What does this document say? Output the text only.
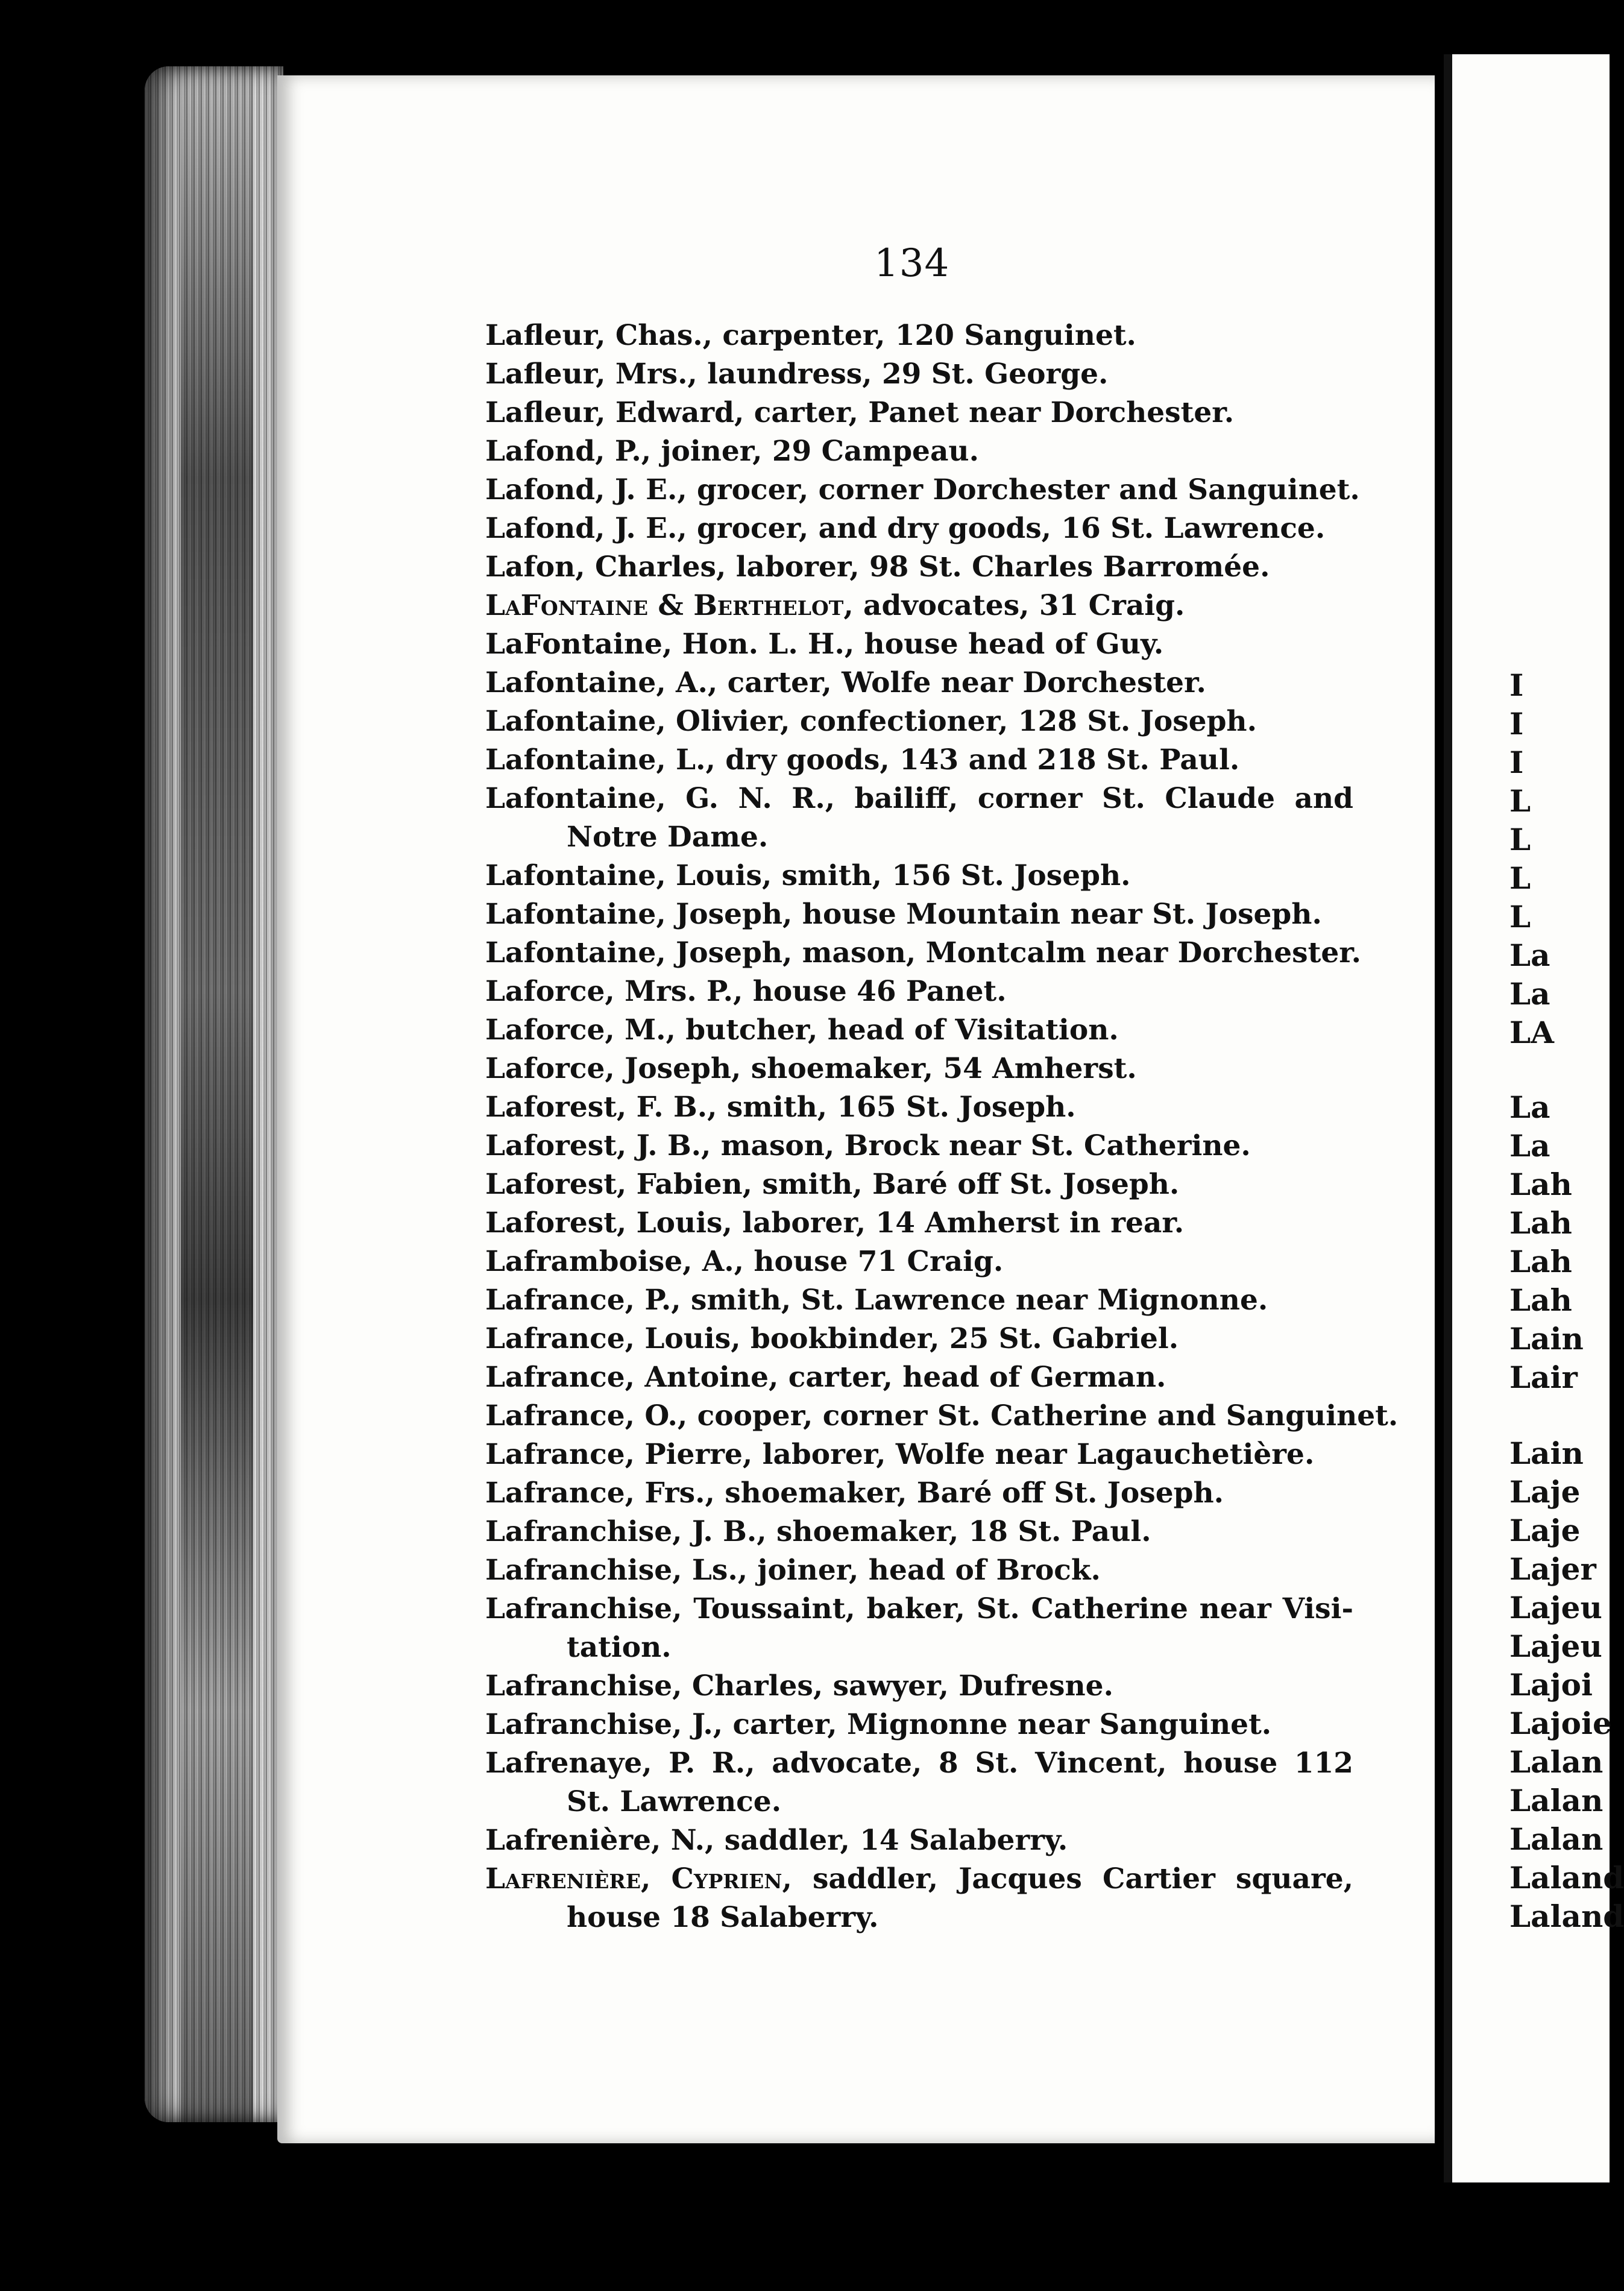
134
Lafleur, Chas., carpenter, 120 Sanguinet.
Lafleur, Mrs., laundress, 29 St. George.
Lafleur, Edward, carter, Panet near Dorchester.
Lafond, P., joiner, 29 Campeau.
Lafond, J. E., grocer, corner Dorchester and Sanguinet.
Lafond, J. E., grocer, and dry goods, 16 St. Lawrence.
Lafon, Charles, laborer, 98 St. Charles Barromée.
LaFontaine & Berthelot, advocates, 31 Craig.
LaFontaine, Hon. L. H., house head of Guy.
Lafontaine, A., carter, Wolfe near Dorchester.
Lafontaine, Olivier, confectioner, 128 St. Joseph.
Lafontaine, L., dry goods, 143 and 218 St. Paul.
Lafontaine, G. N. R., bailiff, corner St. Claude and
Notre Dame.
Lafontaine, Louis, smith, 156 St. Joseph.
Lafontaine, Joseph, house Mountain near St. Joseph.
Lafontaine, Joseph, mason, Montcalm near Dorchester.
Laforce, Mrs. P., house 46 Panet.
Laforce, M., butcher, head of Visitation.
Laforce, Joseph, shoemaker, 54 Amherst.
Laforest, F. B., smith, 165 St. Joseph.
Laforest, J. B., mason, Brock near St. Catherine.
Laforest, Fabien, smith, Baré off St. Joseph.
Laforest, Louis, laborer, 14 Amherst in rear.
Laframboise, A., house 71 Craig.
Lafrance, P., smith, St. Lawrence near Mignonne.
Lafrance, Louis, bookbinder, 25 St. Gabriel.
Lafrance, Antoine, carter, head of German.
Lafrance, O., cooper, corner St. Catherine and Sanguinet.
Lafrance, Pierre, laborer, Wolfe near Lagauchetière.
Lafrance, Frs., shoemaker, Baré off St. Joseph.
Lafranchise, J. B., shoemaker, 18 St. Paul.
Lafranchise, Ls., joiner, head of Brock.
Lafranchise, Toussaint, baker, St. Catherine near Visi-
tation.
Lafranchise, Charles, sawyer, Dufresne.
Lafranchise, J., carter, Mignonne near Sanguinet.
Lafrenaye, P. R., advocate, 8 St. Vincent, house 112
St. Lawrence.
Lafrenière, N., saddler, 14 Salaberry.
Lafrenière, Cyprien, saddler, Jacques Cartier square,
house 18 Salaberry.
I
I
I
L
L
L
L
La
La
LA
La
La
Lah
Lah
Lah
Lah
Lain
Lair
Lain
Laje
Laje
Lajer
Lajeu
Lajeu
Lajoi
Lajoie
Lalan
Lalan
Lalan
Laland
Laland
